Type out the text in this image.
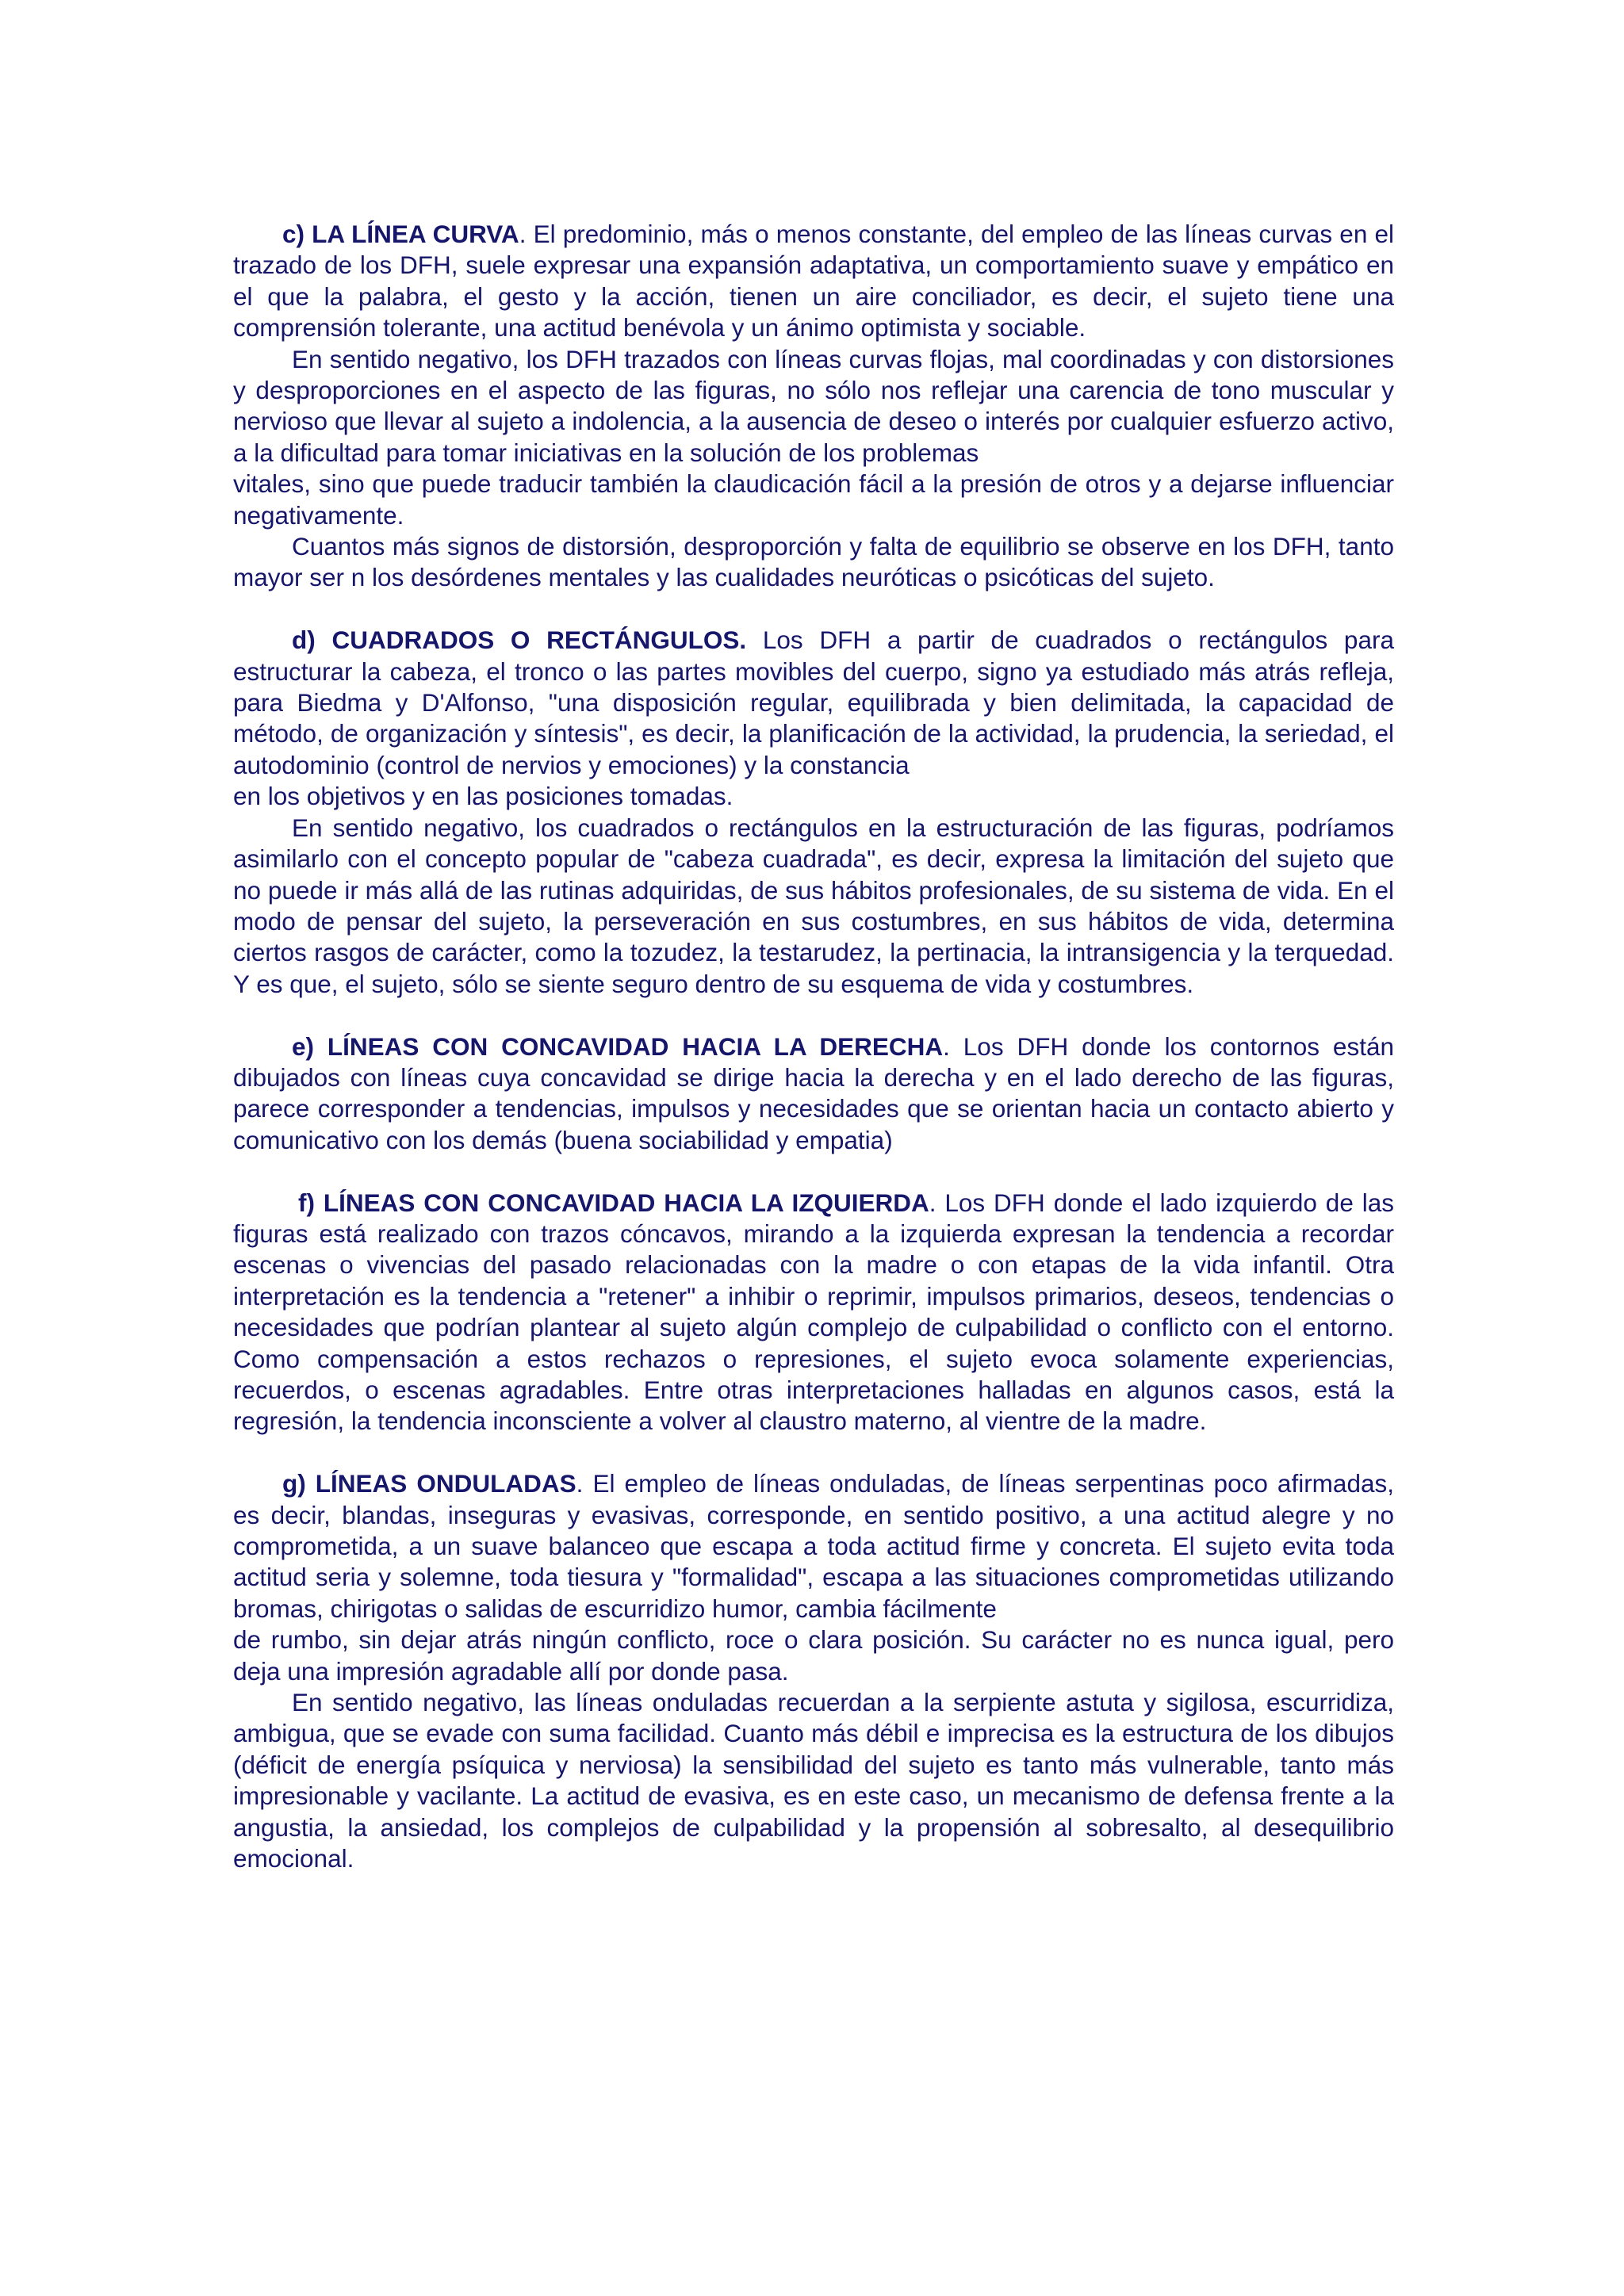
c) LA LÍNEA CURVA. El predominio, más o menos constante, del empleo de las líneas curvas en el trazado de los DFH, suele expresar una expansión adaptativa, un comportamiento suave y empático en el que la palabra, el gesto y la acción, tienen un aire conciliador, es decir, el sujeto tiene una comprensión tolerante, una actitud benévola y un ánimo optimista y sociable.

En sentido negativo, los DFH trazados con líneas curvas flojas, mal coordinadas y con distorsiones y desproporciones en el aspecto de las figuras, no sólo nos reflejar una carencia de tono muscular y nervioso que llevar al sujeto a indolencia, a la ausencia de deseo o interés por cualquier esfuerzo activo, a la dificultad para tomar iniciativas en la solución de los problemas
vitales, sino que puede traducir también la claudicación fácil a la presión de otros y a dejarse influenciar negativamente.

Cuantos más signos de distorsión, desproporción y falta de equilibrio se observe en los DFH, tanto mayor ser n los desórdenes mentales y las cualidades neuróticas o psicóticas del sujeto.

d) CUADRADOS O RECTÁNGULOS. Los DFH a partir de cuadrados o rectángulos para estructurar la cabeza, el tronco o las partes movibles del cuerpo, signo ya estudiado más atrás refleja, para Biedma y D'Alfonso, "una disposición regular, equilibrada y bien delimitada, la capacidad de método, de organización y síntesis", es decir, la planificación de la actividad, la prudencia, la seriedad, el autodominio (control de nervios y emociones) y la constancia
en los objetivos y en las posiciones tomadas.

En sentido negativo, los cuadrados o rectángulos en la estructuración de las figuras, podríamos asimilarlo con el concepto popular de "cabeza cuadrada", es decir, expresa la limitación del sujeto que no puede ir más allá de las rutinas adquiridas, de sus hábitos profesionales, de su sistema de vida. En el modo de pensar del sujeto, la perseveración en sus costumbres, en sus hábitos de vida, determina ciertos rasgos de carácter, como la tozudez, la testarudez, la pertinacia, la intransigencia y la terquedad. Y es que, el sujeto, sólo se siente seguro dentro de su esquema de vida y costumbres.

e) LÍNEAS CON CONCAVIDAD HACIA LA DERECHA. Los DFH donde los contornos están dibujados con líneas cuya concavidad se dirige hacia la derecha y en el lado derecho de las figuras, parece corresponder a tendencias, impulsos y necesidades que se orientan hacia un contacto abierto y comunicativo con los demás (buena sociabilidad y empatia)

f) LÍNEAS CON CONCAVIDAD HACIA LA IZQUIERDA. Los DFH donde el lado izquierdo de las figuras está realizado con trazos cóncavos, mirando a la izquierda expresan la tendencia a recordar escenas o vivencias del pasado relacionadas con la madre o con etapas de la vida infantil. Otra interpretación es la tendencia a "retener" a inhibir o reprimir, impulsos primarios, deseos, tendencias o necesidades que podrían plantear al sujeto algún complejo de culpabilidad o conflicto con el entorno. Como compensación a estos rechazos o represiones, el sujeto evoca solamente experiencias, recuerdos, o escenas agradables. Entre otras interpretaciones halladas en algunos casos, está la regresión, la tendencia inconsciente a volver al claustro materno, al vientre de la madre.

g) LÍNEAS ONDULADAS. El empleo de líneas onduladas, de líneas serpentinas poco afirmadas, es decir, blandas, inseguras y evasivas, corresponde, en sentido positivo, a una actitud alegre y no comprometida, a un suave balanceo que escapa a toda actitud firme y concreta. El sujeto evita toda actitud seria y solemne, toda tiesura y "formalidad", escapa a las situaciones comprometidas utilizando bromas, chirigotas o salidas de escurridizo humor, cambia fácilmente
de rumbo, sin dejar atrás ningún conflicto, roce o clara posición. Su carácter no es nunca igual, pero deja una impresión agradable allí por donde pasa.

En sentido negativo, las líneas onduladas recuerdan a la serpiente astuta y sigilosa, escurridiza, ambigua, que se evade con suma facilidad. Cuanto más débil e imprecisa es la estructura de los dibujos (déficit de energía psíquica y nerviosa) la sensibilidad del sujeto es tanto más vulnerable, tanto más impresionable y vacilante. La actitud de evasiva, es en este caso, un mecanismo de defensa frente a la angustia, la ansiedad, los complejos de culpabilidad y la propensión al sobresalto, al desequilibrio emocional.
